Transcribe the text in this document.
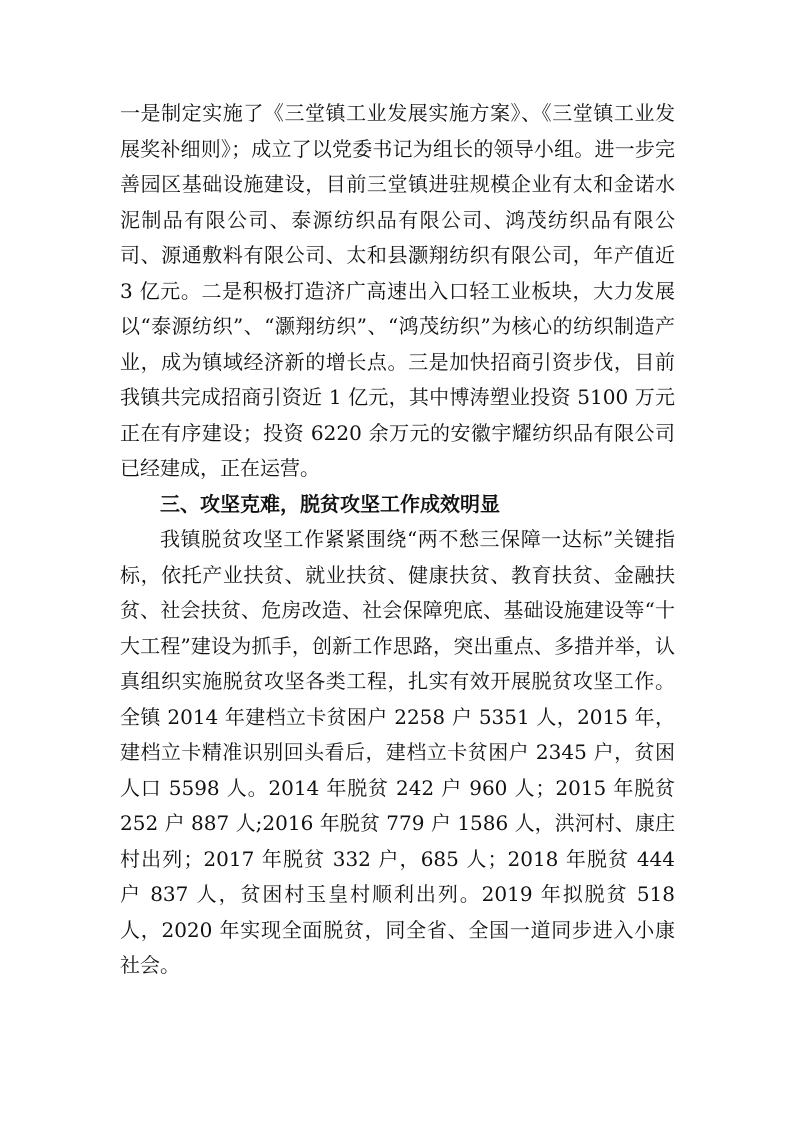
一是制定实施了《三堂镇工业发展实施方案》、《三堂镇工业发展奖补细则》；成立了以党委书记为组长的领导小组。进一步完善园区基础设施建设，目前三堂镇进驻规模企业有太和金诺水泥制品有限公司、泰源纺织品有限公司、鸿茂纺织品有限公司、源通敷料有限公司、太和县灏翔纺织有限公司，年产值近 3 亿元。二是积极打造济广高速出入口轻工业板块，大力发展以“泰源纺织”、“灏翔纺织”、“鸿茂纺织”为核心的纺织制造产业，成为镇域经济新的增长点。三是加快招商引资步伐，目前我镇共完成招商引资近 1 亿元，其中博涛塑业投资 5100 万元正在有序建设；投资 6220 余万元的安徽宇耀纺织品有限公司已经建成，正在运营。

三、攻坚克难，脱贫攻坚工作成效明显

我镇脱贫攻坚工作紧紧围绕“两不愁三保障一达标”关键指标，依托产业扶贫、就业扶贫、健康扶贫、教育扶贫、金融扶贫、社会扶贫、危房改造、社会保障兜底、基础设施建设等“十大工程”建设为抓手，创新工作思路，突出重点、多措并举，认真组织实施脱贫攻坚各类工程，扎实有效开展脱贫攻坚工作。全镇 2014 年建档立卡贫困户 2258 户 5351 人，2015 年，建档立卡精准识别回头看后，建档立卡贫困户 2345 户，贫困人口 5598 人。2014 年脱贫 242 户 960 人；2015 年脱贫 252 户 887 人;2016 年脱贫 779 户 1586 人，洪河村、康庄村出列；2017 年脱贫 332 户，685 人；2018 年脱贫 444 户 837 人，贫困村玉皇村顺利出列。2019 年拟脱贫 518 人，2020 年实现全面脱贫，同全省、全国一道同步进入小康社会。
